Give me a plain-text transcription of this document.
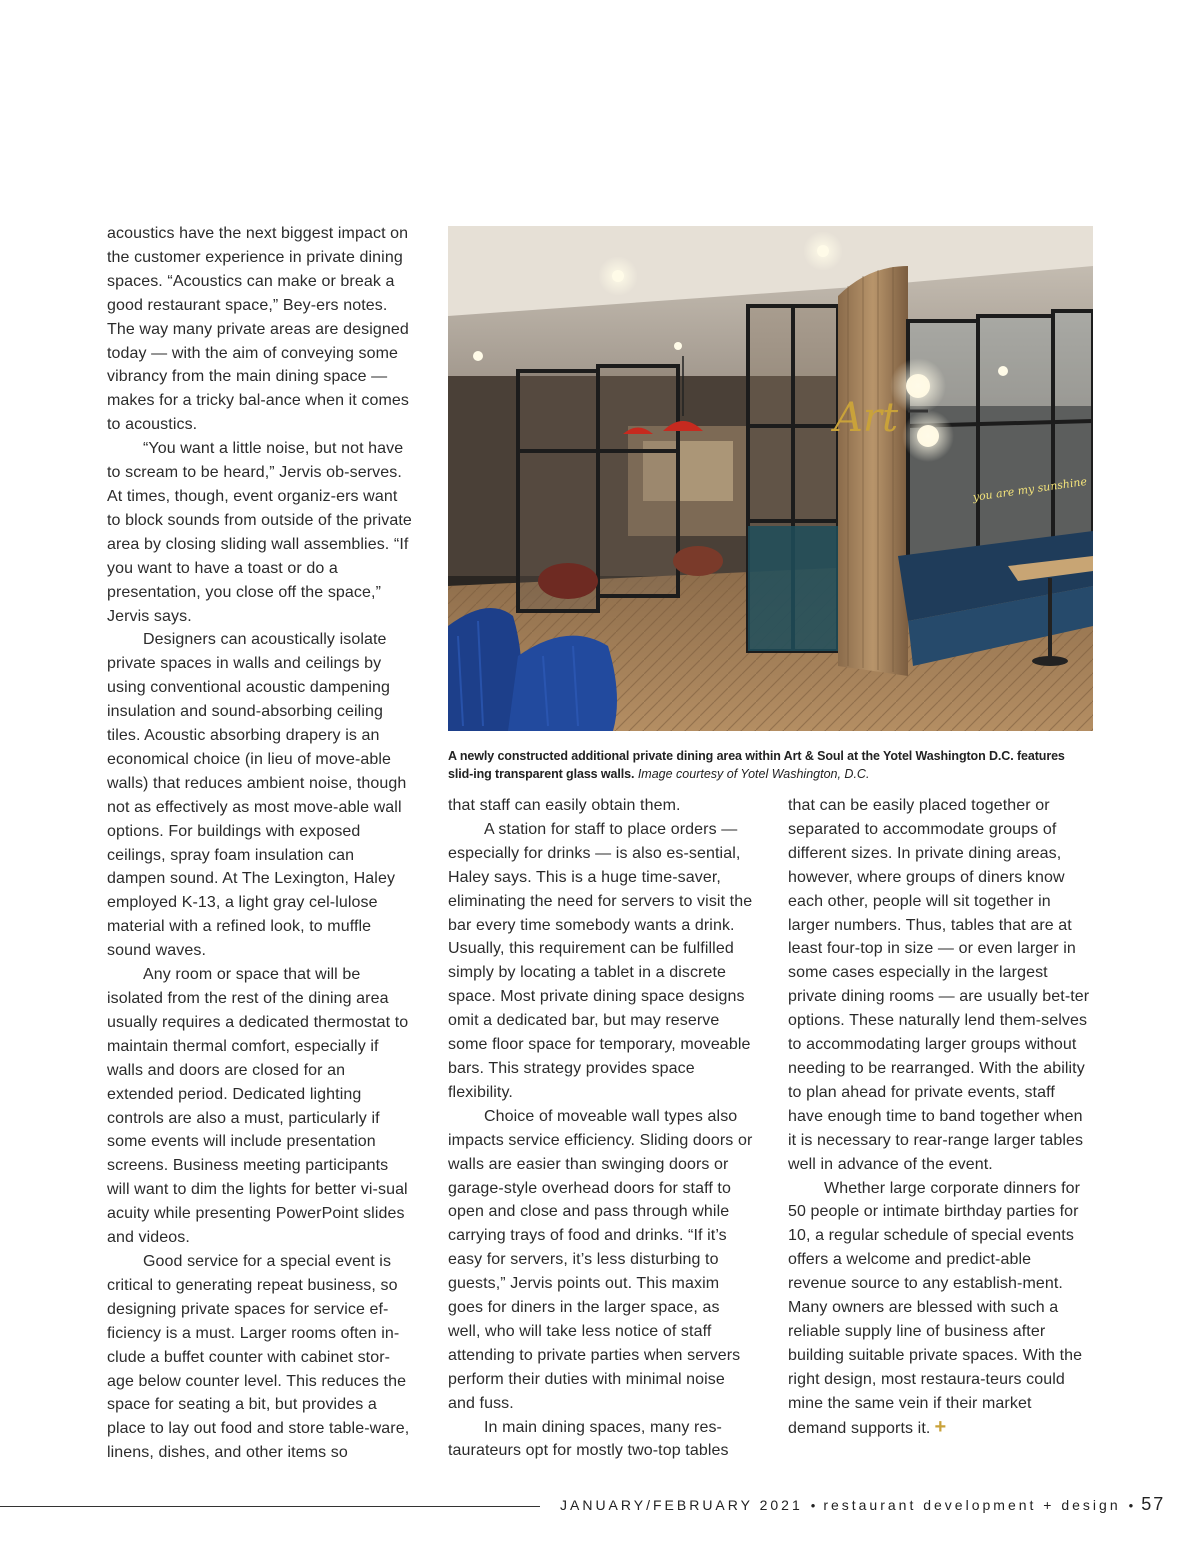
acoustics have the next biggest impact on the customer experience in private dining spaces. “Acoustics can make or break a good restaurant space,” Bey-ers notes. The way many private areas are designed today — with the aim of conveying some vibrancy from the main dining space — makes for a tricky bal-ance when it comes to acoustics.

“You want a little noise, but not have to scream to be heard,” Jervis ob-serves. At times, though, event organiz-ers want to block sounds from outside of the private area by closing sliding wall assemblies. “If you want to have a toast or do a presentation, you close off the space,” Jervis says.

Designers can acoustically isolate private spaces in walls and ceilings by using conventional acoustic dampening insulation and sound-absorbing ceiling tiles. Acoustic absorbing drapery is an economical choice (in lieu of move-able walls) that reduces ambient noise, though not as effectively as most move-able wall options. For buildings with exposed ceilings, spray foam insulation can dampen sound. At The Lexington, Haley employed K-13, a light gray cel-lulose material with a refined look, to muffle sound waves.

Any room or space that will be isolated from the rest of the dining area usually requires a dedicated thermostat to maintain thermal comfort, especially if walls and doors are closed for an extended period. Dedicated lighting controls are also a must, particularly if some events will include presentation screens. Business meeting participants will want to dim the lights for better vi-sual acuity while presenting PowerPoint slides and videos.

Good service for a special event is critical to generating repeat business, so designing private spaces for service ef-ficiency is a must. Larger rooms often in-clude a buffet counter with cabinet stor-age below counter level. This reduces the space for seating a bit, but provides a place to lay out food and store table-ware, linens, dishes, and other items so

Art
you are my sunshine
A newly constructed additional private dining area within Art & Soul at the Yotel Washington D.C. features slid-ing transparent glass walls. Image courtesy of Yotel Washington, D.C.

that staff can easily obtain them.

A station for staff to place orders — especially for drinks — is also es-sential, Haley says. This is a huge time-saver, eliminating the need for servers to visit the bar every time somebody wants a drink. Usually, this requirement can be fulfilled simply by locating a tablet in a discrete space. Most private dining space designs omit a dedicated bar, but may reserve some floor space for temporary, moveable bars. This strategy provides space flexibility.

Choice of moveable wall types also impacts service efficiency. Sliding doors or walls are easier than swinging doors or garage-style overhead doors for staff to open and close and pass through while carrying trays of food and drinks. “If it’s easy for servers, it’s less disturbing to guests,” Jervis points out. This maxim goes for diners in the larger space, as well, who will take less notice of staff attending to private parties when servers perform their duties with minimal noise and fuss.

In main dining spaces, many res-taurateurs opt for mostly two-top tables

that can be easily placed together or separated to accommodate groups of different sizes. In private dining areas, however, where groups of diners know each other, people will sit together in larger numbers. Thus, tables that are at least four-top in size — or even larger in some cases especially in the largest private dining rooms — are usually bet-ter options. These naturally lend them-selves to accommodating larger groups without needing to be rearranged. With the ability to plan ahead for private events, staff have enough time to band together when it is necessary to rear-range larger tables well in advance of the event.

Whether large corporate dinners for 50 people or intimate birthday parties for 10, a regular schedule of special events offers a welcome and predict-able revenue source to any establish-ment. Many owners are blessed with such a reliable supply line of business after building suitable private spaces. With the right design, most restaura-teurs could mine the same vein if their market demand supports it. +

JANUARY/FEBRUARY 2021 • restaurant development + design • 57
